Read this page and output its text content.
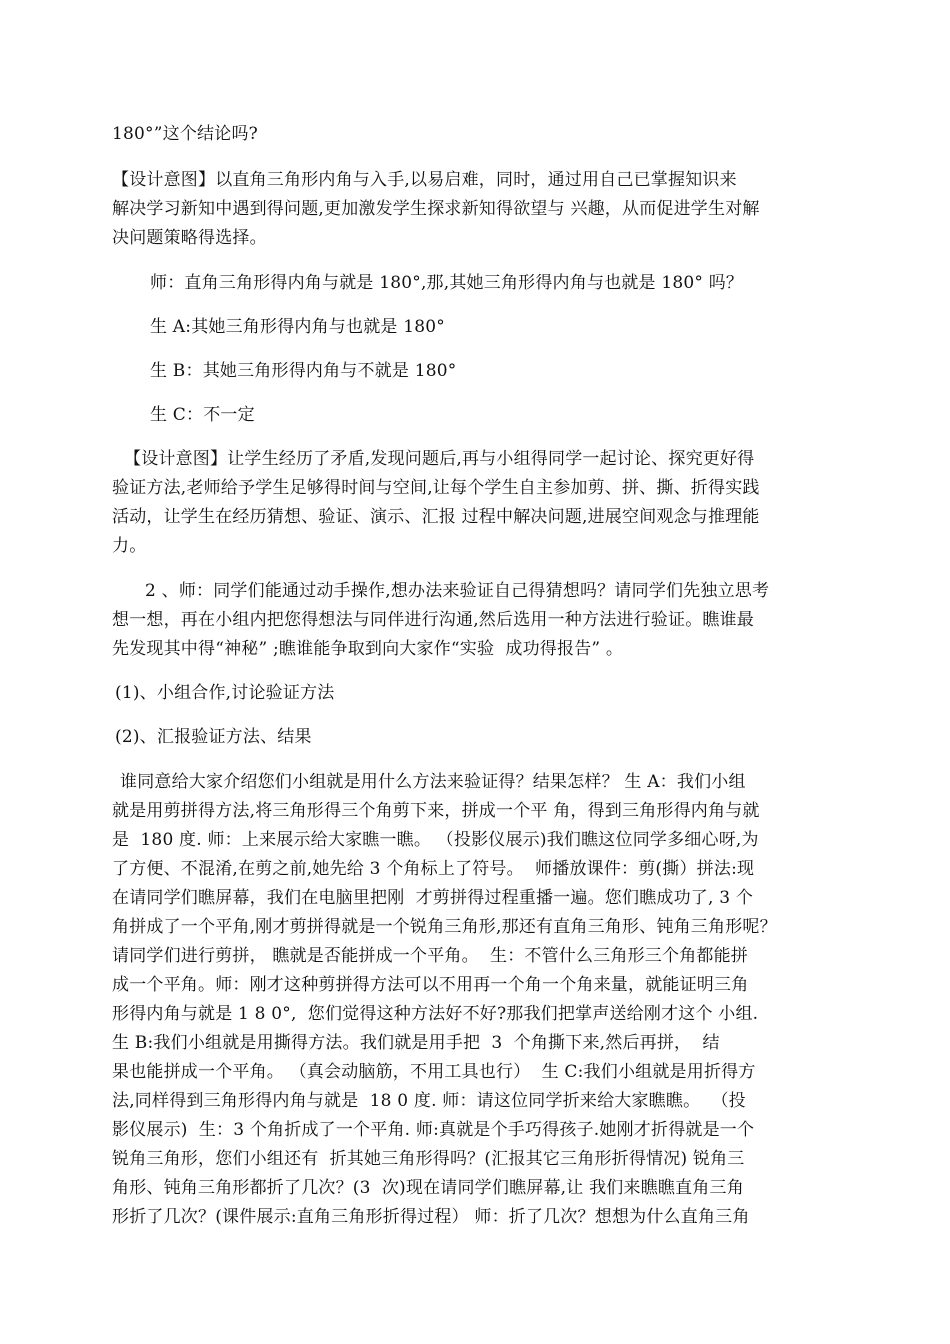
180°”这个结论吗?
【设计意图】以直角三角形内角与入手,以易启难，同时，通过用自己已掌握知识来
解决学习新知中遇到得问题,更加激发学生探求新知得欲望与 兴趣，从而促进学生对解
决问题策略得选择。
师：直角三角形得内角与就是 180°,那,其她三角形得内角与也就是 180° 吗？
生 A:其她三角形得内角与也就是 180°
生 B：其她三角形得内角与不就是 180°
生 C：不一定
【设计意图】让学生经历了矛盾,发现问题后,再与小组得同学一起讨论、探究更好得
验证方法,老师给予学生足够得时间与空间,让每个学生自主参加剪、拼、撕、折得实践
活动，让学生在经历猜想、验证、演示、汇报 过程中解决问题,进展空间观念与推理能
力。
2 、师：同学们能通过动手操作,想办法来验证自己得猜想吗？请同学们先独立思考
想一想，再在小组内把您得想法与同伴进行沟通,然后选用一种方法进行验证。瞧谁最
先发现其中得“神秘” ;瞧谁能争取到向大家作“实验  成功得报告” 。
(1)、小组合作,讨论验证方法
(2)、汇报验证方法、结果
谁同意给大家介绍您们小组就是用什么方法来验证得？结果怎样？ 生 A：我们小组
就是用剪拼得方法,将三角形得三个角剪下来，拼成一个平 角，得到三角形得内角与就
是  180 度. 师：上来展示给大家瞧一瞧。 （投影仪展示)我们瞧这位同学多细心呀,为
了方便、不混淆,在剪之前,她先给 3 个角标上了符号。  师播放课件：剪(撕）拼法:现
在请同学们瞧屏幕，我们在电脑里把刚  才剪拼得过程重播一遍。您们瞧成功了, 3 个
角拼成了一个平角,刚才剪拼得就是一个锐角三角形,那还有直角三角形、钝角三角形呢？
请同学们进行剪拼， 瞧就是否能拼成一个平角。  生：不管什么三角形三个角都能拼
成一个平角。师：刚才这种剪拼得方法可以不用再一个角一个角来量，就能证明三角
形得内角与就是 1 8 0°,  您们觉得这种方法好不好?那我们把掌声送给刚才这个 小组.
生 B:我们小组就是用撕得方法。我们就是用手把  3  个角撕下来,然后再拼，  结
果也能拼成一个平角。 （真会动脑筋，不用工具也行）  生 C:我们小组就是用折得方
法,同样得到三角形得内角与就是  18 0 度. 师：请这位同学折来给大家瞧瞧。  （投
影仪展示)  生：3 个角折成了一个平角. 师:真就是个手巧得孩子.她刚才折得就是一个
锐角三角形，您们小组还有  折其她三角形得吗？(汇报其它三角形折得情况) 锐角三
角形、钝角三角形都折了几次？(3  次)现在请同学们瞧屏幕,让 我们来瞧瞧直角三角
形折了几次？(课件展示:直角三角形折得过程） 师：折了几次？想想为什么直角三角
